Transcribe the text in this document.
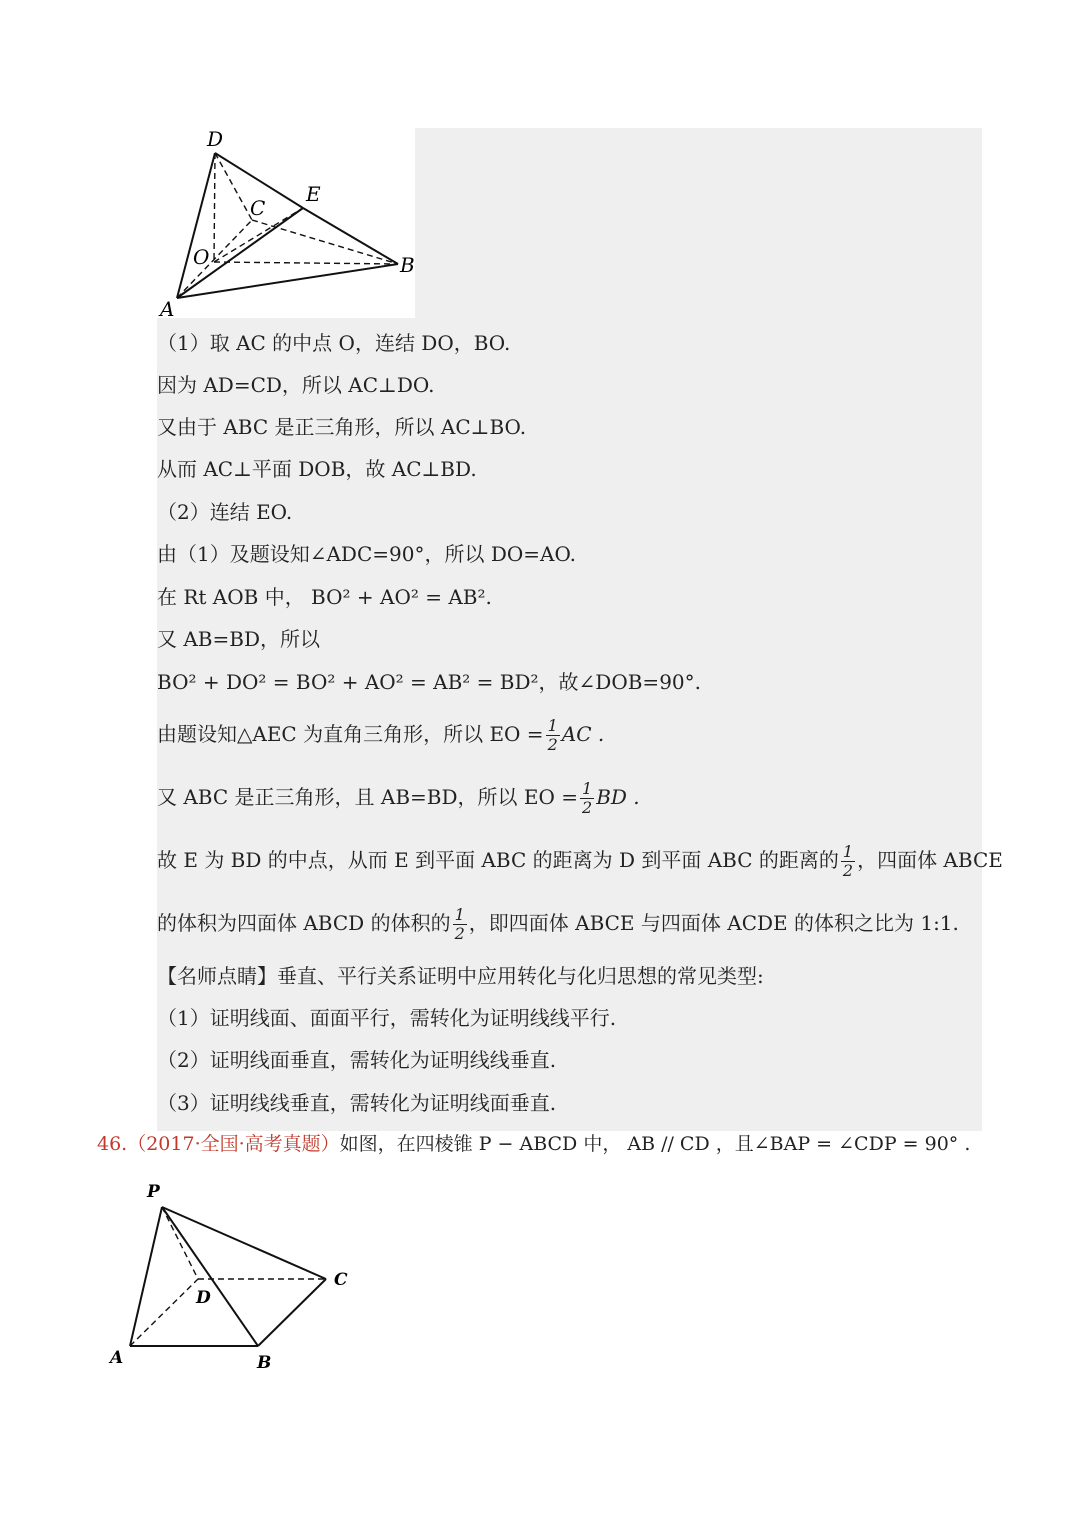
D
E
C
O	B
A
（1）取 AC 的中点 O，连结 DO，BO.
因为 AD=CD，所以 AC⊥DO.
又由于 ABC 是正三角形，所以 AC⊥BO.
从而 AC⊥平面 DOB，故 AC⊥BD.
（2）连结 EO.
由（1）及题设知∠ADC=90°，所以 DO=AO.
在 Rt AOB 中， BO² + AO² = AB².
又 AB=BD，所以
BO² + DO² = BO² + AO² = AB² = BD²，故∠DOB=90°.
由题设知△AEC 为直角三角形，所以 EO = $\frac{1}{2}$ AC .
又 ABC 是正三角形，且 AB=BD，所以 EO = $\frac{1}{2}$ BD .
故 E 为 BD 的中点，从而 E 到平面 ABC 的距离为 D 到平面 ABC 的距离的 $\frac{1}{2}$ ，四面体 ABCE
的体积为四面体 ABCD 的体积的 $\frac{1}{2}$ ，即四面体 ABCE 与四面体 ACDE 的体积之比为 1:1.
【名师点睛】垂直、平行关系证明中应用转化与化归思想的常见类型:
（1）证明线面、面面平行，需转化为证明线线平行.
（2）证明线面垂直，需转化为证明线线垂直.
（3）证明线线垂直，需转化为证明线面垂直.
46.（2017·全国·高考真题）如图，在四棱锥 P − ABCD 中， AB // CD ，且∠BAP = ∠CDP = 90° .
P
C
D
A	B
